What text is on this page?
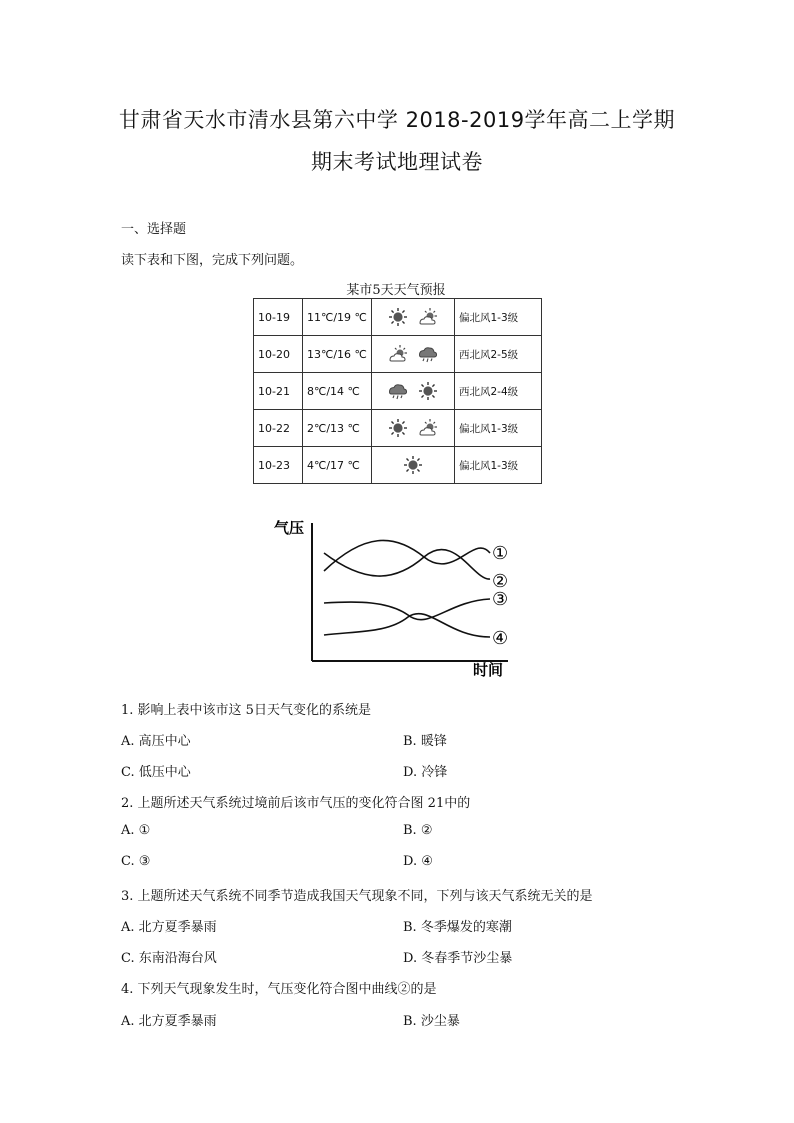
甘肃省天水市清水县第六中学 2018-2019学年高二上学期
期末考试地理试卷
一、选择题
读下表和下图，完成下列问题。
某市5天天气预报
10-19	11℃/19 ℃		偏北风1-3级
10-20	13℃/16 ℃		西北风2-5级
10-21	8℃/14 ℃		西北风2-4级
10-22	2℃/13 ℃		偏北风1-3级
10-23	4℃/17 ℃		偏北风1-3级
气压
时间
①
②
③
④
1. 影响上表中该市这 5日天气变化的系统是
A. 高压中心	B. 暖锋
C. 低压中心	D. 冷锋
2. 上题所述天气系统过境前后该市气压的变化符合图 21中的
A. ①	B. ②
C. ③	D. ④
3. 上题所述天气系统不同季节造成我国天气现象不同，下列与该天气系统无关的是
A. 北方夏季暴雨	B. 冬季爆发的寒潮
C. 东南沿海台风	D. 冬春季节沙尘暴
4. 下列天气现象发生时，气压变化符合图中曲线②的是
A. 北方夏季暴雨	B. 沙尘暴
